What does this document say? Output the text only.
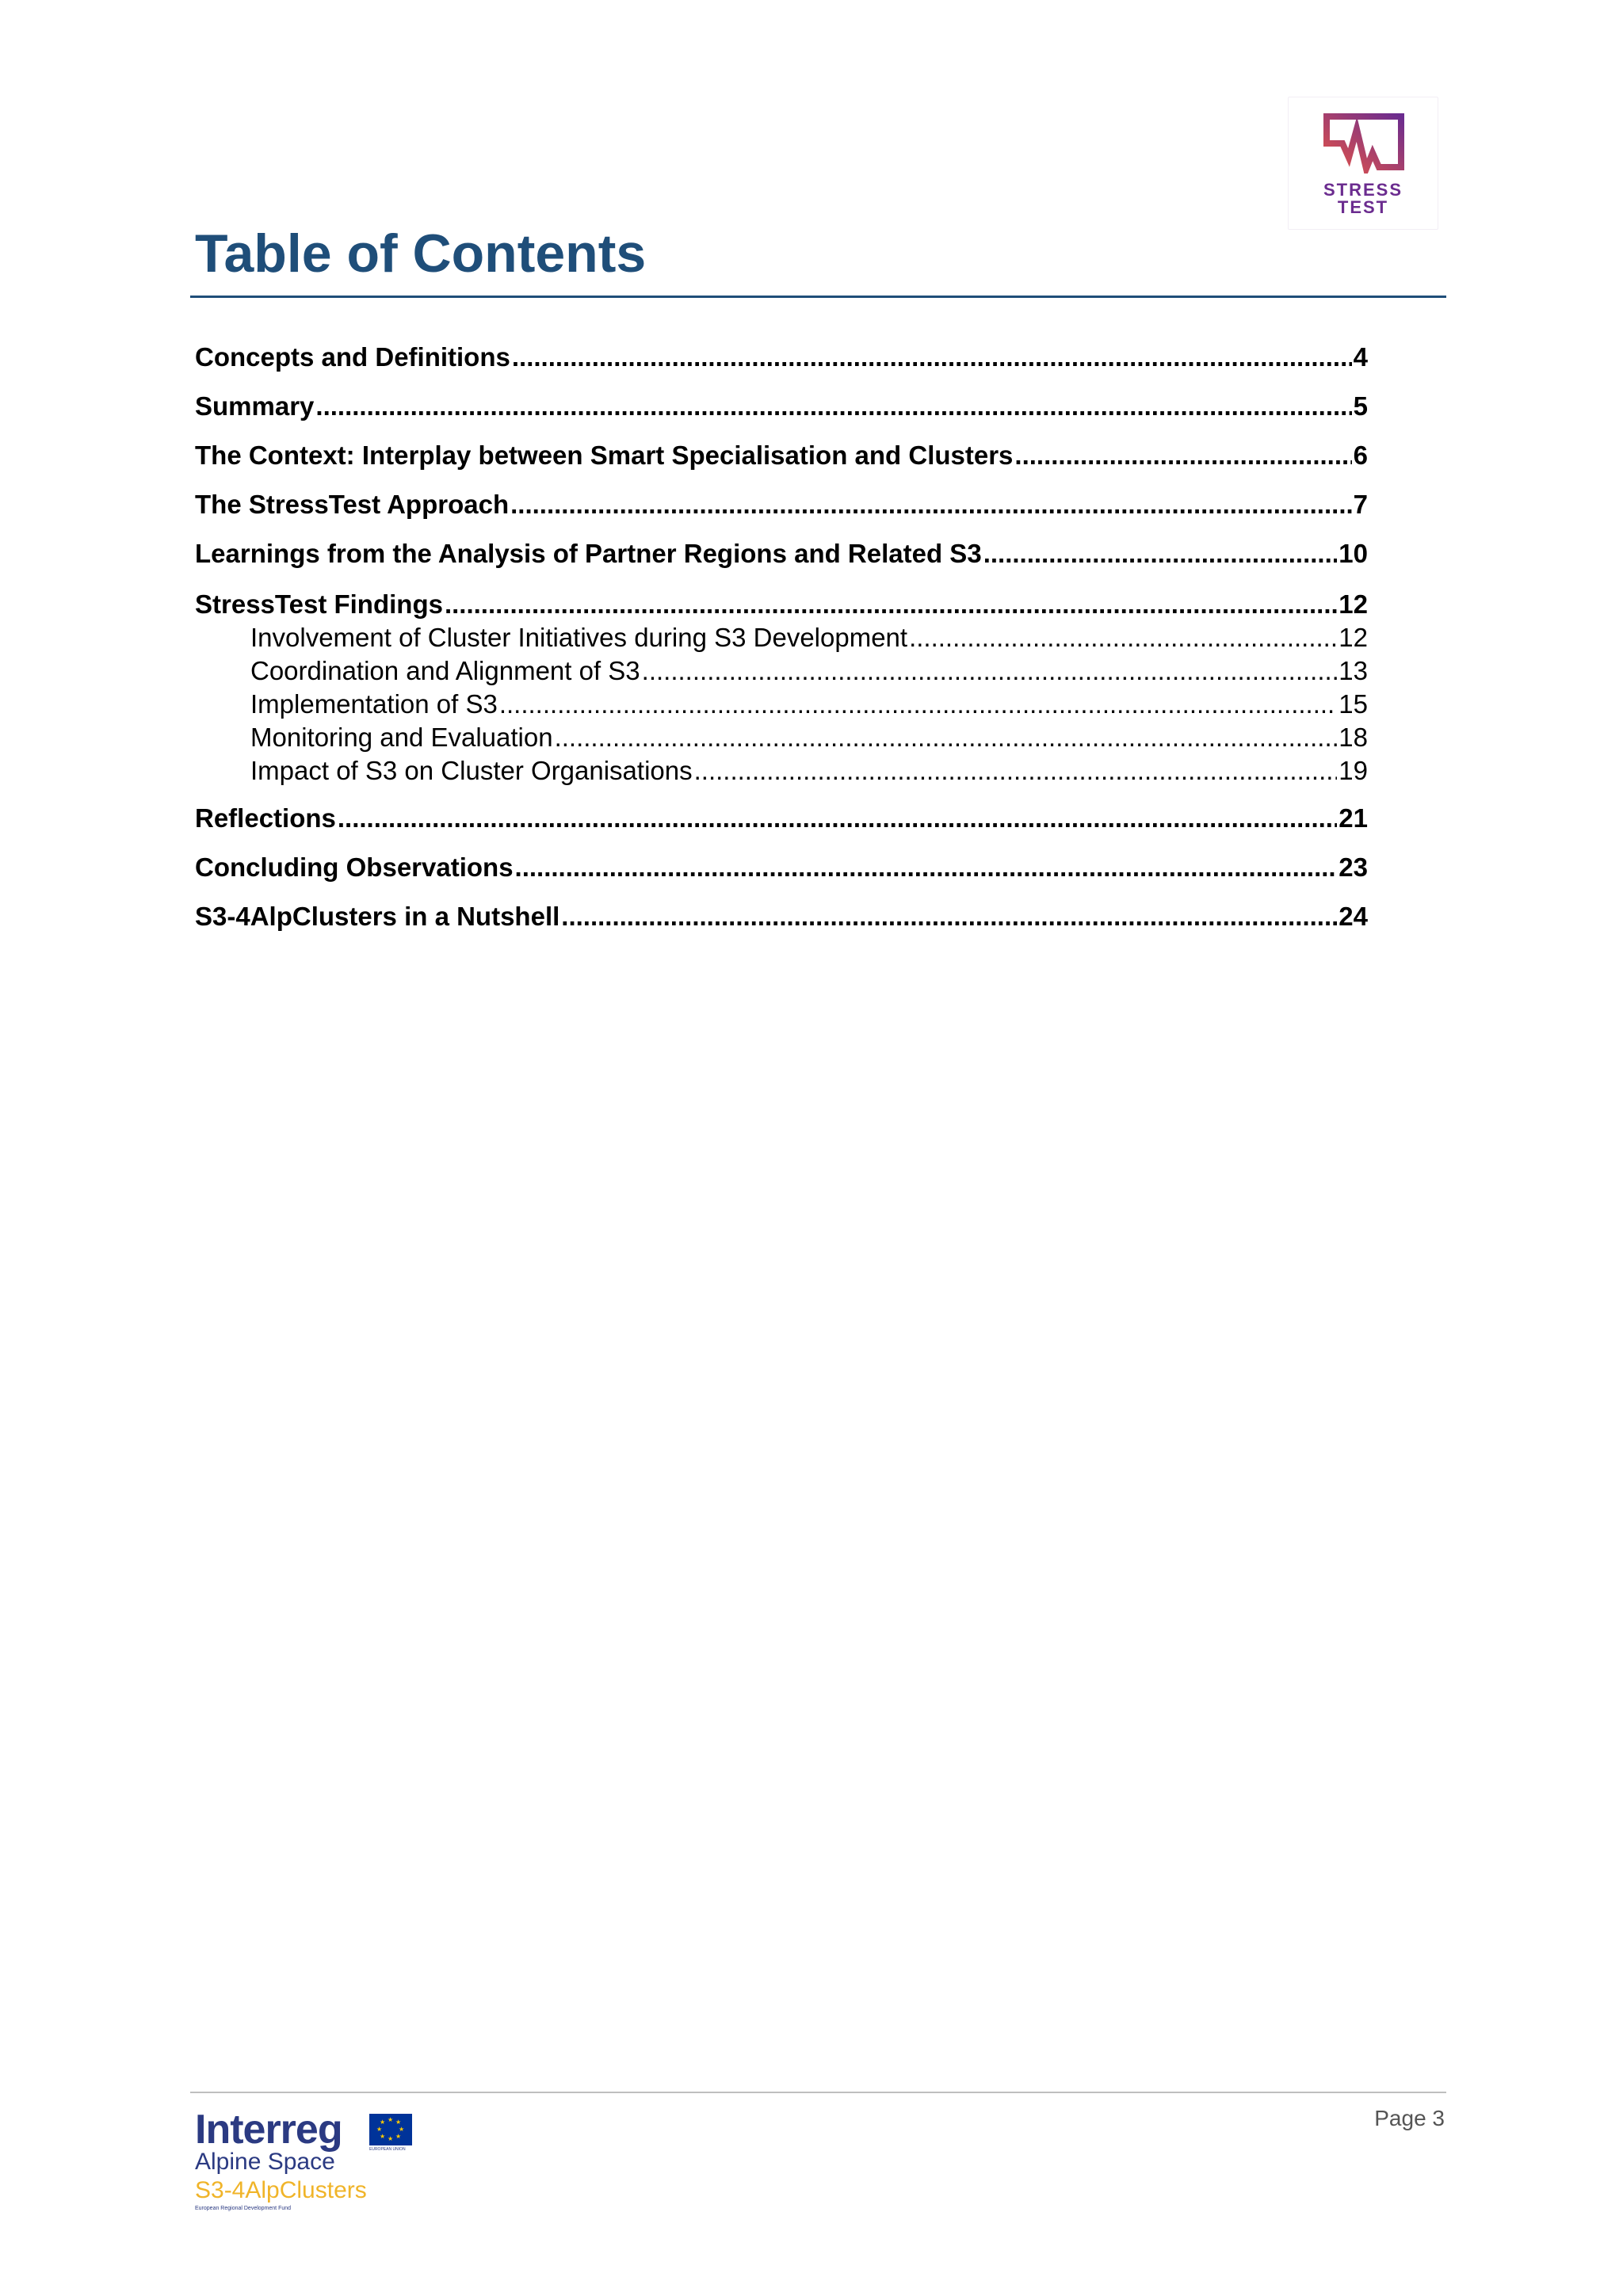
STRESS
TEST
Table of Contents
Concepts and Definitions .....	4
Summary .....	5
The Context: Interplay between Smart Specialisation and Clusters .....	6
The StressTest Approach .....	7
Learnings from the Analysis of Partner Regions and Related S3 .....	10
StressTest Findings .....	12
Involvement of Cluster Initiatives during S3 Development .....	12
Coordination and Alignment of S3 .....	13
Implementation of S3 .....	15
Monitoring and Evaluation .....	18
Impact of S3 on Cluster Organisations .....	19
Reflections .....	21
Concluding Observations .....	23
S3-4AlpClusters in a Nutshell .....	24
Page 3
Interreg	★ ★
★
★
★
★
★
★
EUROPEAN UNION
Alpine Space
S3-4AlpClusters
European Regional Development Fund
